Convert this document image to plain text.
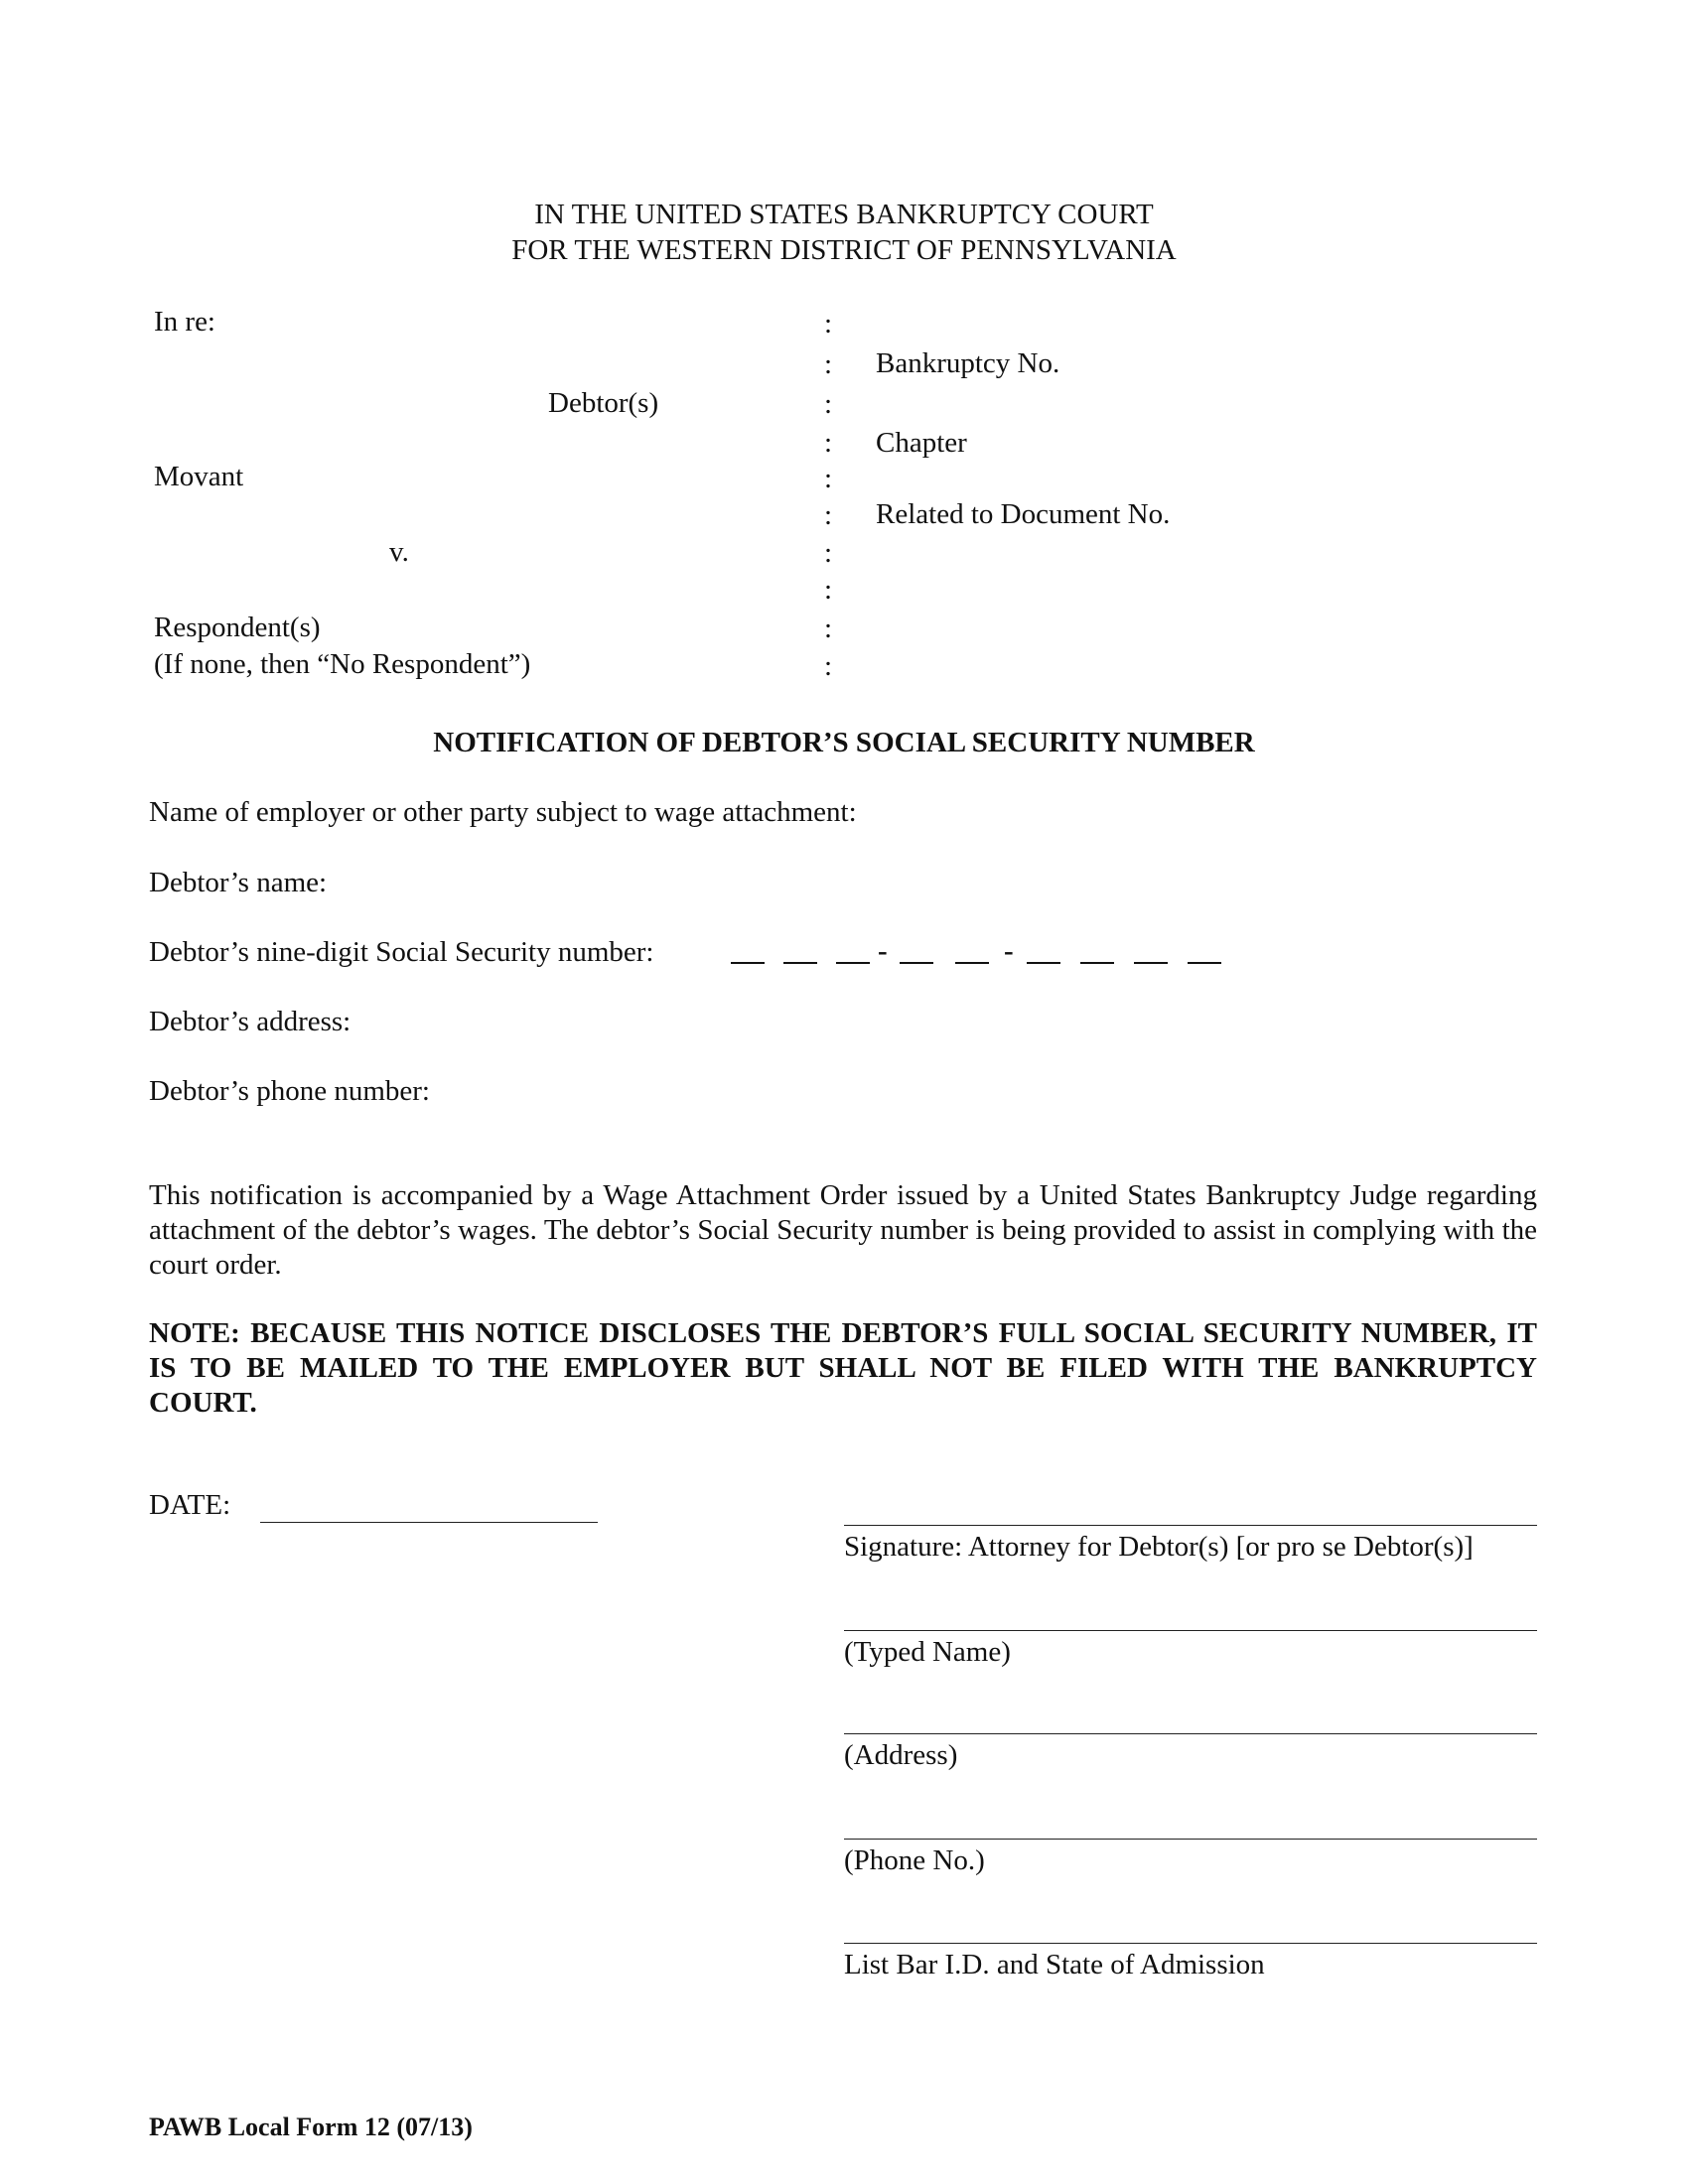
IN THE UNITED STATES BANKRUPTCY COURT
FOR THE WESTERN DISTRICT OF PENNSYLVANIA
In re:
Debtor(s)
Movant
v.
Respondent(s)
(If none, then “No Respondent”)
:
:
:
:
:
:
:
:
:
:
Bankruptcy No.
Chapter
Related to Document No.
NOTIFICATION OF DEBTOR’S SOCIAL SECURITY NUMBER
Name of employer or other party subject to wage attachment:
Debtor’s name:
Debtor’s nine-digit Social Security number:	-	-
Debtor’s address:
Debtor’s phone number:
This notification is accompanied by a Wage Attachment Order issued by a United States Bankruptcy Judge regarding attachment of the debtor’s wages. The debtor’s Social Security number is being provided to assist in complying with the court order.
NOTE: BECAUSE THIS NOTICE DISCLOSES THE DEBTOR’S FULL SOCIAL SECURITY NUMBER, IT IS TO BE MAILED TO THE EMPLOYER BUT SHALL NOT BE FILED WITH THE BANKRUPTCY COURT.
DATE:
Signature: Attorney for Debtor(s) [or pro se Debtor(s)]
(Typed Name)
(Address)
(Phone No.)
List Bar I.D. and State of Admission
PAWB Local Form 12 (07/13)
